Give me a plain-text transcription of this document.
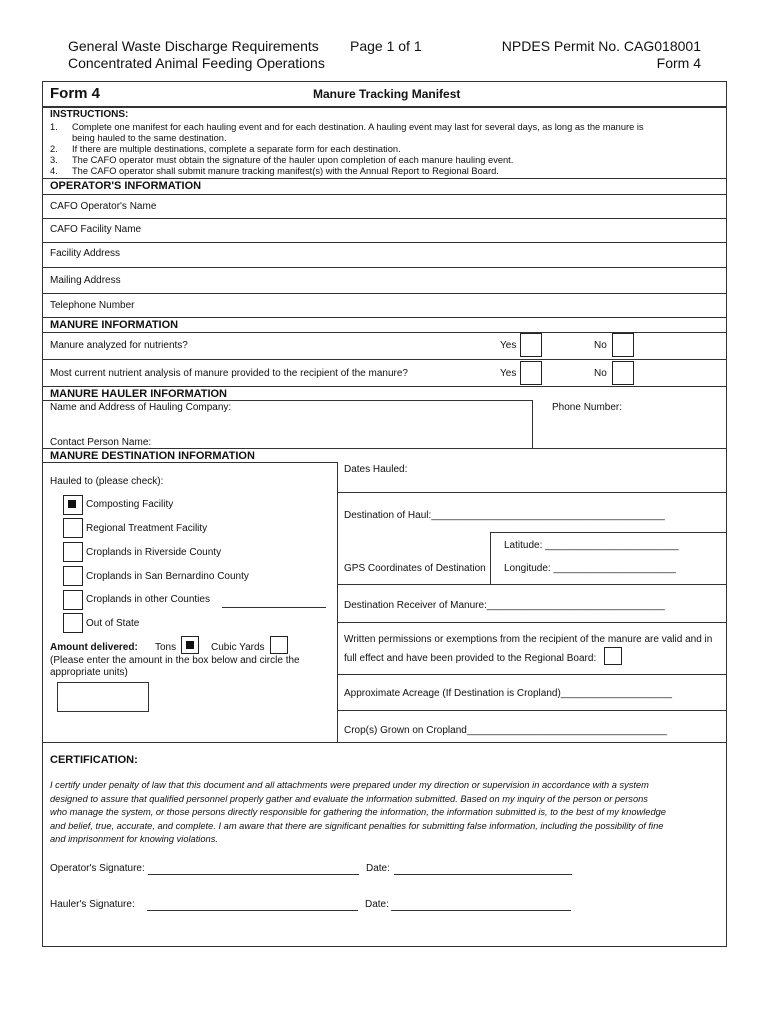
General Waste Discharge Requirements
Concentrated Animal Feeding Operations
Page 1 of 1	NPDES Permit No. CAG018001
Form 4
Form 4	Manure Tracking Manifest
INSTRUCTIONS:
1. Complete one manifest for each hauling event and for each destination. A hauling event may last for several days, as long as the manure is
being hauled to the same destination.
2. If there are multiple destinations, complete a separate form for each destination.
3. The CAFO operator must obtain the signature of the hauler upon completion of each manure hauling event.
4. The CAFO operator shall submit manure tracking manifest(s) with the Annual Report to Regional Board.
OPERATOR'S INFORMATION
CAFO Operator's Name
CAFO Facility Name
Facility Address
Mailing Address
Telephone Number
MANURE INFORMATION
Manure analyzed for nutrients?	Yes	No
Most current nutrient analysis of manure provided to the recipient of the manure?	Yes	No
MANURE HAULER INFORMATION
Name and Address of Hauling Company:	Phone Number:
Contact Person Name:
MANURE DESTINATION INFORMATION
Hauled to (please check):
Composting Facility
Regional Treatment Facility
Croplands in Riverside County
Croplands in San Bernardino County
Croplands in other Counties
Out of State
Amount delivered: Tons	Cubic Yards
(Please enter the amount in the box below and circle the
appropriate units)
Dates Hauled:
Destination of Haul:__________________________________________
GPS Coordinates of Destination
Latitude: ________________________
Longitude: ______________________
Destination Receiver of Manure:________________________________
Written permissions or exemptions from the recipient of the manure are valid and in
full effect and have been provided to the Regional Board:
Approximate Acreage (If Destination is Cropland)____________________
Crop(s) Grown on Cropland____________________________________
CERTIFICATION:
I certify under penalty of law that this document and all attachments were prepared under my direction or supervision in accordance with a system
designed to assure that qualified personnel properly gather and evaluate the information submitted. Based on my inquiry of the person or persons
who manage the system, or those persons directly responsible for gathering the information, the information submitted is, to the best of my knowledge
and belief, true, accurate, and complete. I am aware that there are significant penalties for submitting false information, including the possibility of fine
and imprisonment for knowing violations.
Operator's Signature:	Date:
Hauler's Signature:	Date:
